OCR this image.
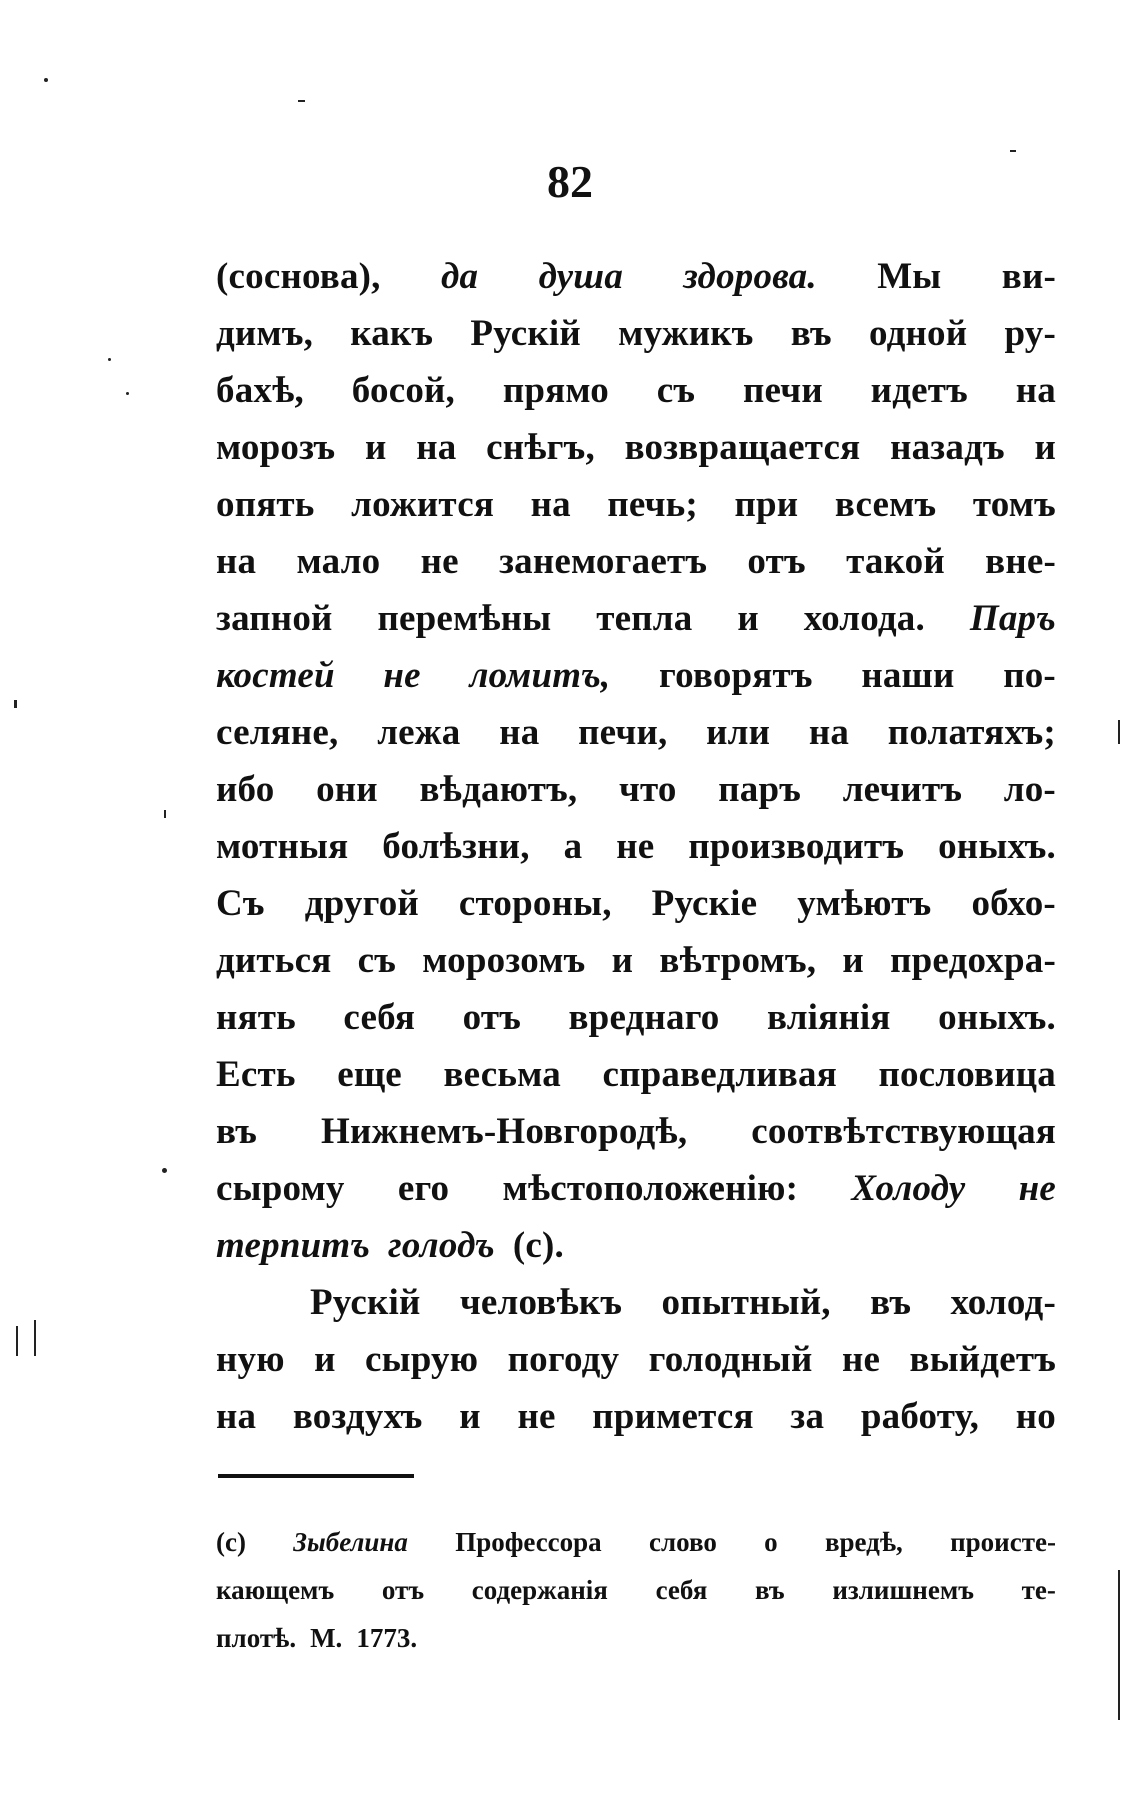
82
(соснова), да душа здорова. Мы ви-
димъ, какъ Рускій мужикъ въ одной ру-
бахѣ, босой, прямо съ печи идетъ на
морозъ и на снѣгъ, возвращается назадъ и
опять ложится на печь; при всемъ томъ
на мало не занемогаетъ отъ такой вне-
запной перемѣны тепла и холода. Паръ
костей не ломитъ, говорятъ наши по-
селяне, лежа на печи, или на полатяхъ;
ибо они вѣдаютъ, что паръ лечитъ ло-
мотныя болѣзни, а не производитъ оныхъ.
Съ другой стороны, Рускіе умѣютъ обхо-
диться съ морозомъ и вѣтромъ, и предохра-
нять себя отъ вреднаго вліянія оныхъ.
Есть еще весьма справедливая пословица
въ Нижнемъ-Новгородѣ, соотвѣтствующая
сырому его мѣстоположенію: Холоду не
терпитъ голодъ (с).
Рускій человѣкъ опытный, въ холод-
ную и сырую погоду голодный не выйдетъ
на воздухъ и не примется за работу, но
(с) Зыбелина Профессора слово о вредѣ, происте-
кающемъ отъ содержанія себя въ излишнемъ те-
плотѣ. М. 1773.
